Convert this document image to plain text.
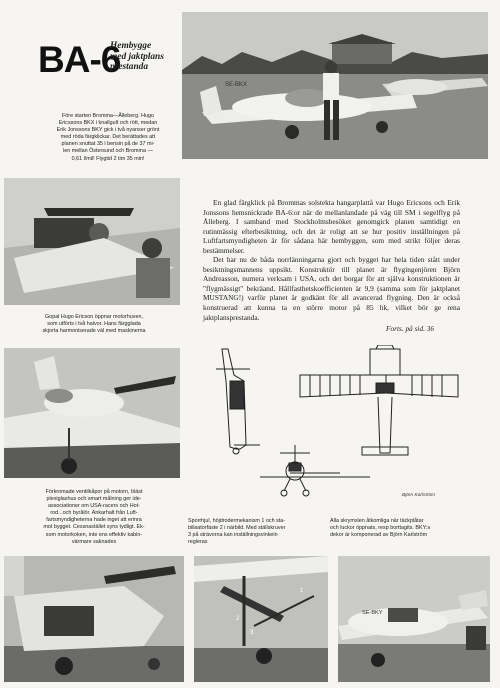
BA-6
Hembygge
med jaktplans
prestanda
Före starten Bromma—Ålleberg. Hugo
Ericssons BKX i knallgult och rött, medan
Erik Jonssons BKY gick i två nyanser grönt
med röda färgklickar. Det berättades att
planen snuttat 35 l bensin på de 37 mi-
len mellan Östersund och Bromma —
0,61 l/mil! Flygtid 2 tim 35 min!
SE-BKX
Gopal Hugo Ericson öppnar motorhuven,
som utförts i två halvor. Hans färgglada
skjorta harmoniserade väl med maskinerna
Förkromade ventilkåpor på motorn, bläst
plexiglashus och smart målning ger ide-
associationer om USA-racers och Hot-
rod...och byrålör. Ankarhalt från Luft-
fartsmyndigheterna hade inget att erinra
mot bygget. Cessnastället syns tydligt. Ek-
som motorkoken, inte ens effektiv kabin-
värmare saknades

En glad färgklick på Brommas solstekta hangarplattå var Hugo Ericsons och Erik Jonssons hemsnickrade BA-6:or när de mellanlandade på väg till SM i segelflyg på Ålleberg. I samband med Stockholmsbesöket genomgick planen samtidigt en rutinmässig efterbesiktning, och det är roligt att se hur positiv inställningen på Luftfartsmyndigheten är för sådana här hembyggen, som med strikt följer deras bestämmelser.

Det har nu de båda norrlänningarna gjort och bygget har hela tiden stått under besiktningsmannens uppsikt. Konstruktör till planet är flygingenjören Björn Andreasson, numera verksam i USA, och det borgar för att själva konstruktionen är "flygmässigt" bekräand. Hållfasthetskoefficienten är 9,9 (samma som för jaktplanet MUSTANG!) varför planet är godkänt för all avancerad flygning. Den är också konstruerad att kunna ta en större motor på 85 hk, vilket bör ge rena jaktplansprestanda.

Forts. på sid. 36
Björn Karlström
Sporrhjul, höjdrodermekanism 1 och sta-
bilisatorfäste 2 i närbild. Med ställskruver
3 på strävorna kan inställningsvinkeln
regleras
Alla skrymslen åtkomliga när täckplåtar
och luckor öppnats, resp borttagits. BKY:s
dekor är komponerad av Björn Karlström
1
2
3
SE-BKY
